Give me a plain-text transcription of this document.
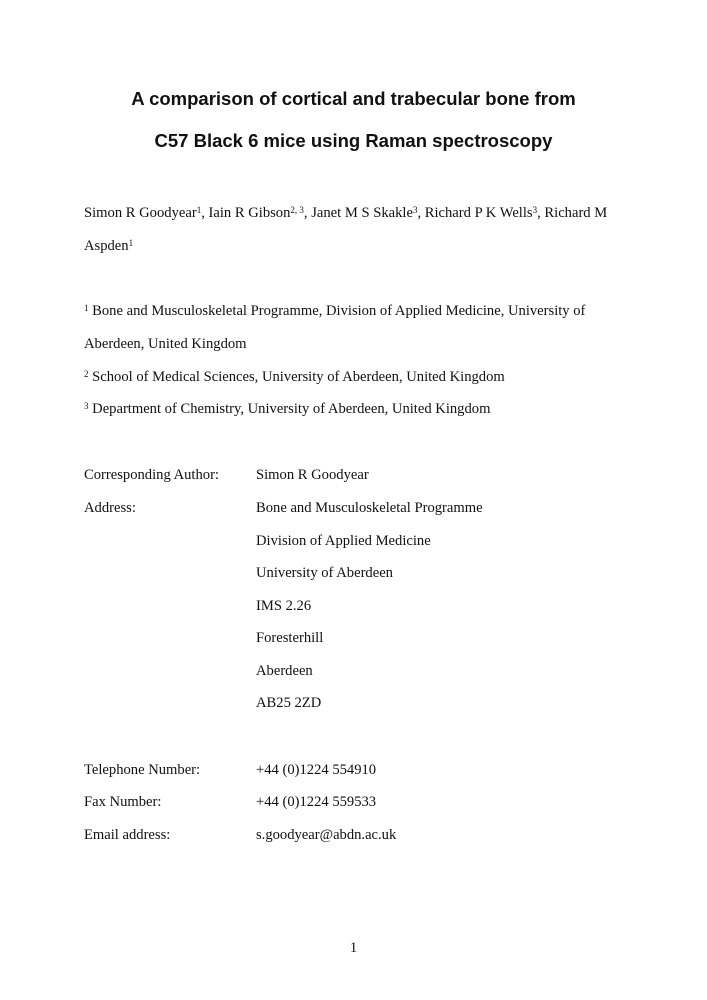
A comparison of cortical and trabecular bone from
C57 Black 6 mice using Raman spectroscopy
Simon R Goodyear$^1$, Iain R Gibson$^{2, 3}$, Janet M S Skakle$^3$, Richard P K Wells$^3$, Richard M
Aspden$^1$
$^1$ Bone and Musculoskeletal Programme, Division of Applied Medicine, University of
Aberdeen, United Kingdom
$^2$ School of Medical Sciences, University of Aberdeen, United Kingdom
$^3$ Department of Chemistry, University of Aberdeen, United Kingdom
Corresponding Author:	Simon R Goodyear
Address:	Bone and Musculoskeletal Programme
Division of Applied Medicine
University of Aberdeen
IMS 2.26
Foresterhill
Aberdeen
AB25 2ZD
Telephone Number:	+44 (0)1224 554910
Fax Number:	+44 (0)1224 559533
Email address:	s.goodyear@abdn.ac.uk
1
